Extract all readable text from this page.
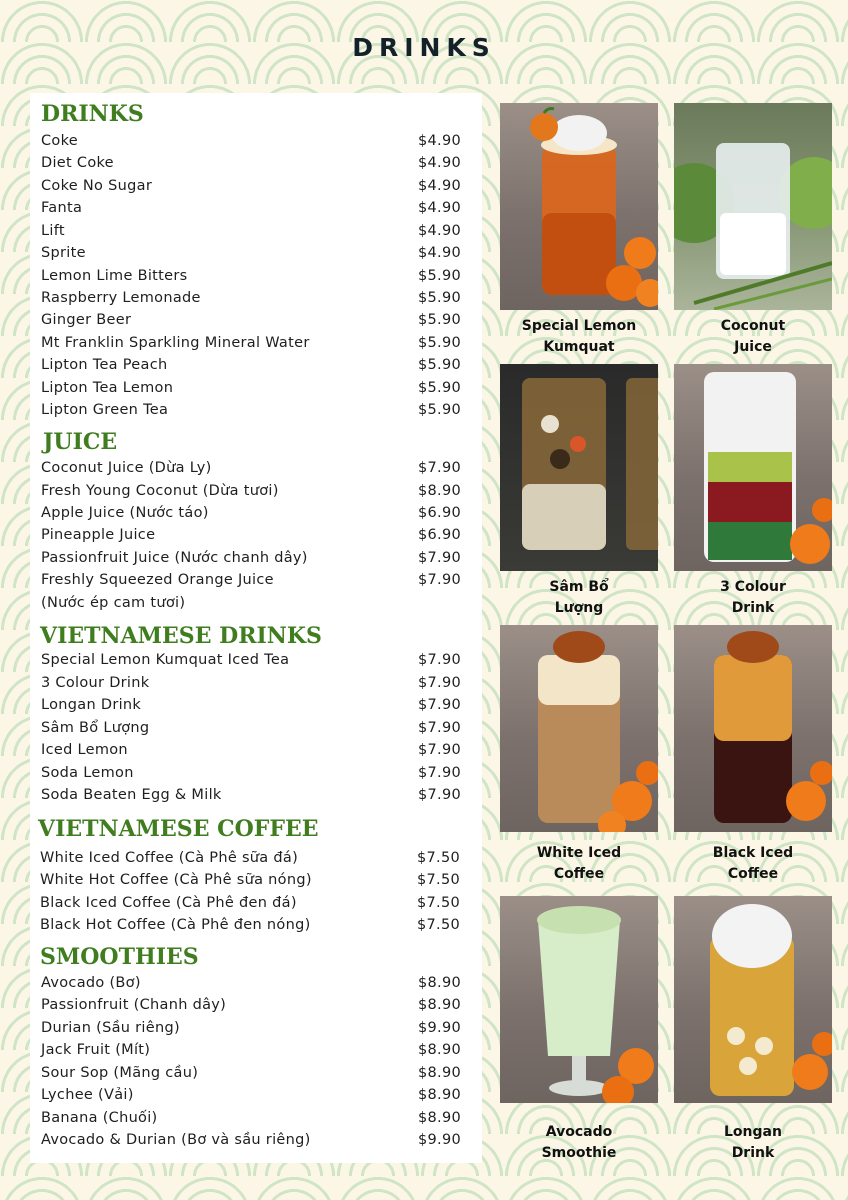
DRINKS
DRINKS
Coke	$4.90
Diet Coke	$4.90
Coke No Sugar	$4.90
Fanta	$4.90
Lift	$4.90
Sprite	$4.90
Lemon Lime Bitters	$5.90
Raspberry Lemonade	$5.90
Ginger Beer	$5.90
Mt Franklin Sparkling Mineral Water	$5.90
Lipton Tea Peach	$5.90
Lipton Tea Lemon	$5.90
Lipton Green Tea	$5.90
JUICE
Coconut Juice (Dừa Ly)	$7.90
Fresh Young Coconut (Dừa tươi)	$8.90
Apple Juice (Nước táo)	$6.90
Pineapple Juice	$6.90
Passionfruit Juice (Nước chanh dây)	$7.90
Freshly Squeezed Orange Juice	$7.90
(Nước ép cam tươi)
VIETNAMESE DRINKS
Special Lemon Kumquat Iced Tea	$7.90
3 Colour Drink	$7.90
Longan Drink	$7.90
Sâm Bổ Lượng	$7.90
Iced Lemon	$7.90
Soda Lemon	$7.90
Soda Beaten Egg & Milk	$7.90
VIETNAMESE COFFEE
White Iced Coffee (Cà Phê sữa đá)	$7.50
White Hot Coffee (Cà Phê sữa nóng)	$7.50
Black Iced Coffee (Cà Phê đen đá)	$7.50
Black Hot Coffee (Cà Phê đen nóng)	$7.50
SMOOTHIES
Avocado (Bơ)	$8.90
Passionfruit (Chanh dây)	$8.90
Durian (Sầu riêng)	$9.90
Jack Fruit (Mít)	$8.90
Sour Sop (Mãng cầu)	$8.90
Lychee (Vải)	$8.90
Banana (Chuối)	$8.90
Avocado & Durian (Bơ và sầu riêng)	$9.90
Special Lemon
Kumquat
Coconut
Juice
Sâm Bổ
Lượng
3 Colour
Drink
White Iced
Coffee
Black Iced
Coffee
Avocado
Smoothie
Longan
Drink
